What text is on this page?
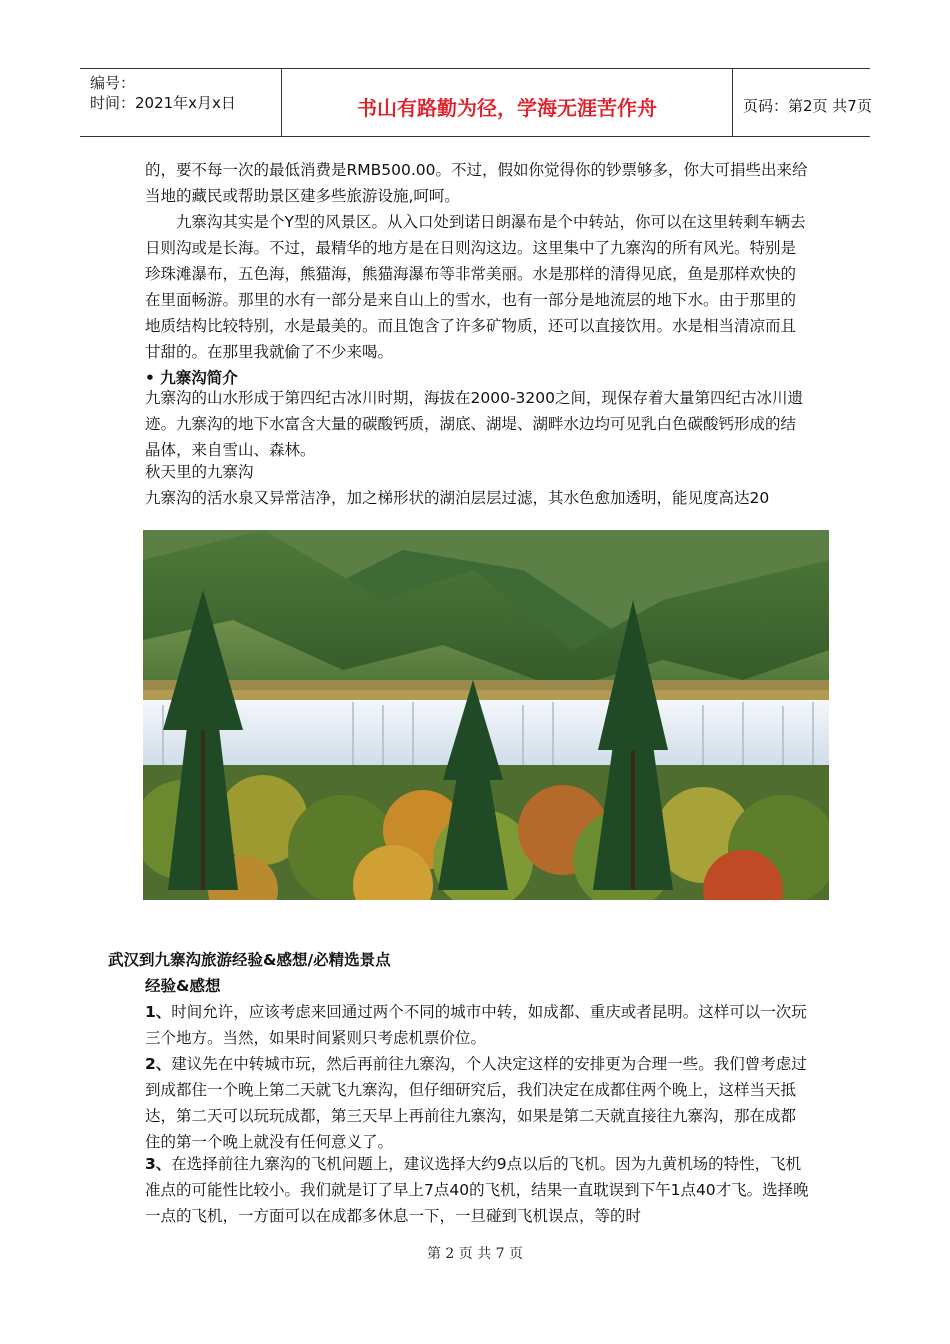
编号：
时间：2021年x月x日	书山有路勤为径，学海无涯苦作舟	页码：第2页 共7页

的，要不每一次的最低消费是RMB500.00。不过，假如你觉得你的钞票够多，你大可捐些出来给当地的藏民或帮助景区建多些旅游设施,呵呵。

九寨沟其实是个Y型的风景区。从入口处到诺日朗瀑布是个中转站，你可以在这里转剩车辆去日则沟或是长海。不过，最精华的地方是在日则沟这边。这里集中了九寨沟的所有风光。特别是珍珠滩瀑布，五色海，熊猫海，熊猫海瀑布等非常美丽。水是那样的清得见底，鱼是那样欢快的在里面畅游。那里的水有一部分是来自山上的雪水，也有一部分是地流层的地下水。由于那里的地质结构比较特别，水是最美的。而且饱含了许多矿物质，还可以直接饮用。水是相当清凉而且甘甜的。在那里我就偷了不少来喝。

• 九寨沟简介

九寨沟的山水形成于第四纪古冰川时期，海拔在2000-3200之间，现保存着大量第四纪古冰川遗迹。九寨沟的地下水富含大量的碳酸钙质，湖底、湖堤、湖畔水边均可见乳白色碳酸钙形成的结晶体，来自雪山、森林。

秋天里的九寨沟

九寨沟的活水泉又异常洁净，加之梯形状的湖泊层层过滤，其水色愈加透明，能见度高达20

武汉到九寨沟旅游经验&感想/必精选景点

经验&感想

1、时间允许，应该考虑来回通过两个不同的城市中转，如成都、重庆或者昆明。这样可以一次玩三个地方。当然，如果时间紧则只考虑机票价位。

2、建议先在中转城市玩，然后再前往九寨沟，个人决定这样的安排更为合理一些。我们曾考虑过到成都住一个晚上第二天就飞九寨沟，但仔细研究后，我们决定在成都住两个晚上，这样当天抵达，第二天可以玩玩成都，第三天早上再前往九寨沟，如果是第二天就直接往九寨沟，那在成都住的第一个晚上就没有任何意义了。

3、在选择前往九寨沟的飞机问题上，建议选择大约9点以后的飞机。因为九黄机场的特性，飞机准点的可能性比较小。我们就是订了早上7点40的飞机，结果一直耽误到下午1点40才飞。选择晚一点的飞机，一方面可以在成都多休息一下，一旦碰到飞机误点，等的时

第 2 页 共 7 页
